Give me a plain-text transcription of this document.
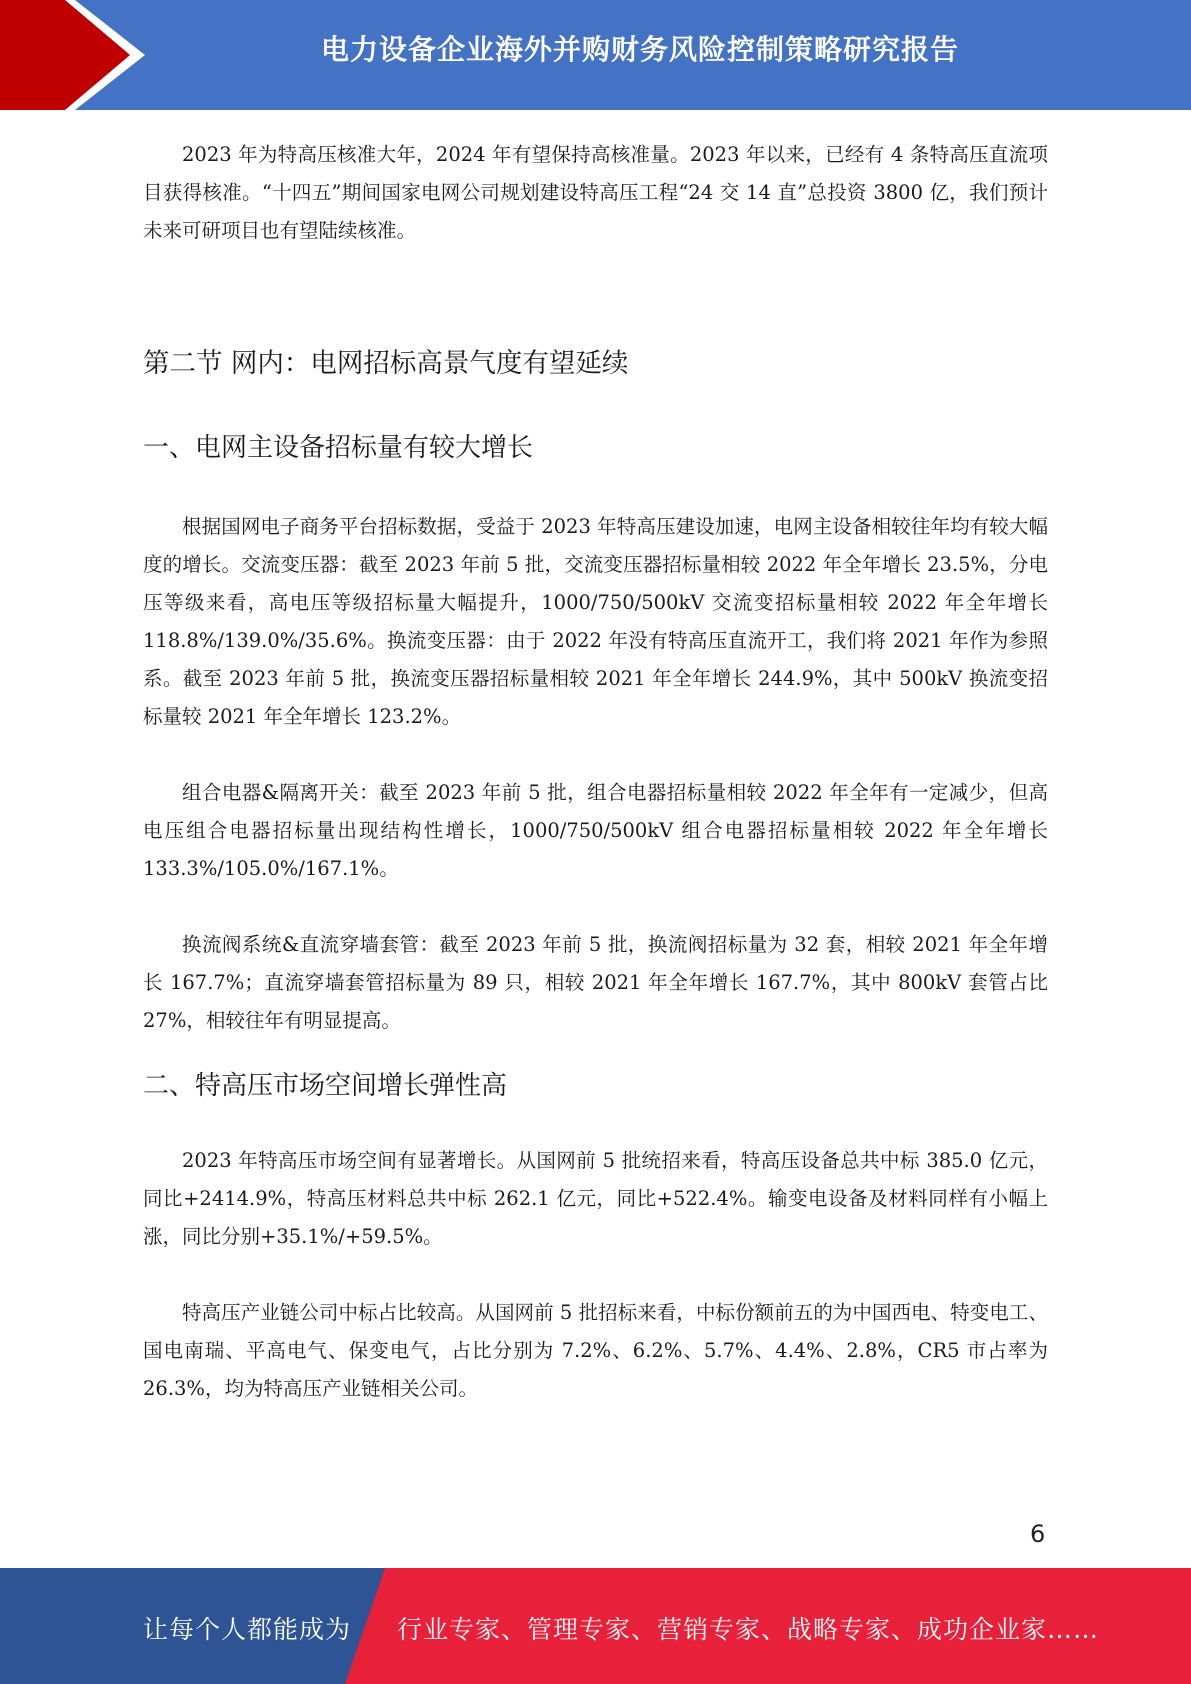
电力设备企业海外并购财务风险控制策略研究报告

2023 年为特高压核准大年，2024 年有望保持高核准量。2023 年以来，已经有 4 条特高压直流项目获得核准。“十四五”期间国家电网公司规划建设特高压工程“24 交 14 直”总投资 3800 亿，我们预计未来可研项目也有望陆续核准。

第二节 网内：电网招标高景气度有望延续
一、电网主设备招标量有较大增长

根据国网电子商务平台招标数据，受益于 2023 年特高压建设加速，电网主设备相较往年均有较大幅度的增长。交流变压器：截至 2023 年前 5 批，交流变压器招标量相较 2022 年全年增长 23.5%，分电压等级来看，高电压等级招标量大幅提升，1000/750/500kV 交流变招标量相较 2022 年全年增长 118.8%/139.0%/35.6%。换流变压器：由于 2022 年没有特高压直流开工，我们将 2021 年作为参照系。截至 2023 年前 5 批，换流变压器招标量相较 2021 年全年增长 244.9%，其中 500kV 换流变招标量较 2021 年全年增长 123.2%。

组合电器&隔离开关：截至 2023 年前 5 批，组合电器招标量相较 2022 年全年有一定减少，但高电压组合电器招标量出现结构性增长，1000/750/500kV 组合电器招标量相较 2022 年全年增长 133.3%/105.0%/167.1%。

换流阀系统&直流穿墙套管：截至 2023 年前 5 批，换流阀招标量为 32 套，相较 2021 年全年增长 167.7%；直流穿墙套管招标量为 89 只，相较 2021 年全年增长 167.7%，其中 800kV 套管占比 27%，相较往年有明显提高。

二、特高压市场空间增长弹性高

2023 年特高压市场空间有显著增长。从国网前 5 批统招来看，特高压设备总共中标 385.0 亿元，同比+2414.9%，特高压材料总共中标 262.1 亿元，同比+522.4%。输变电设备及材料同样有小幅上涨，同比分别+35.1%/+59.5%。

特高压产业链公司中标占比较高。从国网前 5 批招标来看，中标份额前五的为中国西电、特变电工、国电南瑞、平高电气、保变电气，占比分别为 7.2%、6.2%、5.7%、4.4%、2.8%，CR5 市占率为 26.3%，均为特高压产业链相关公司。

6
让每个人都能成为 行业专家、管理专家、营销专家、战略专家、成功企业家……
